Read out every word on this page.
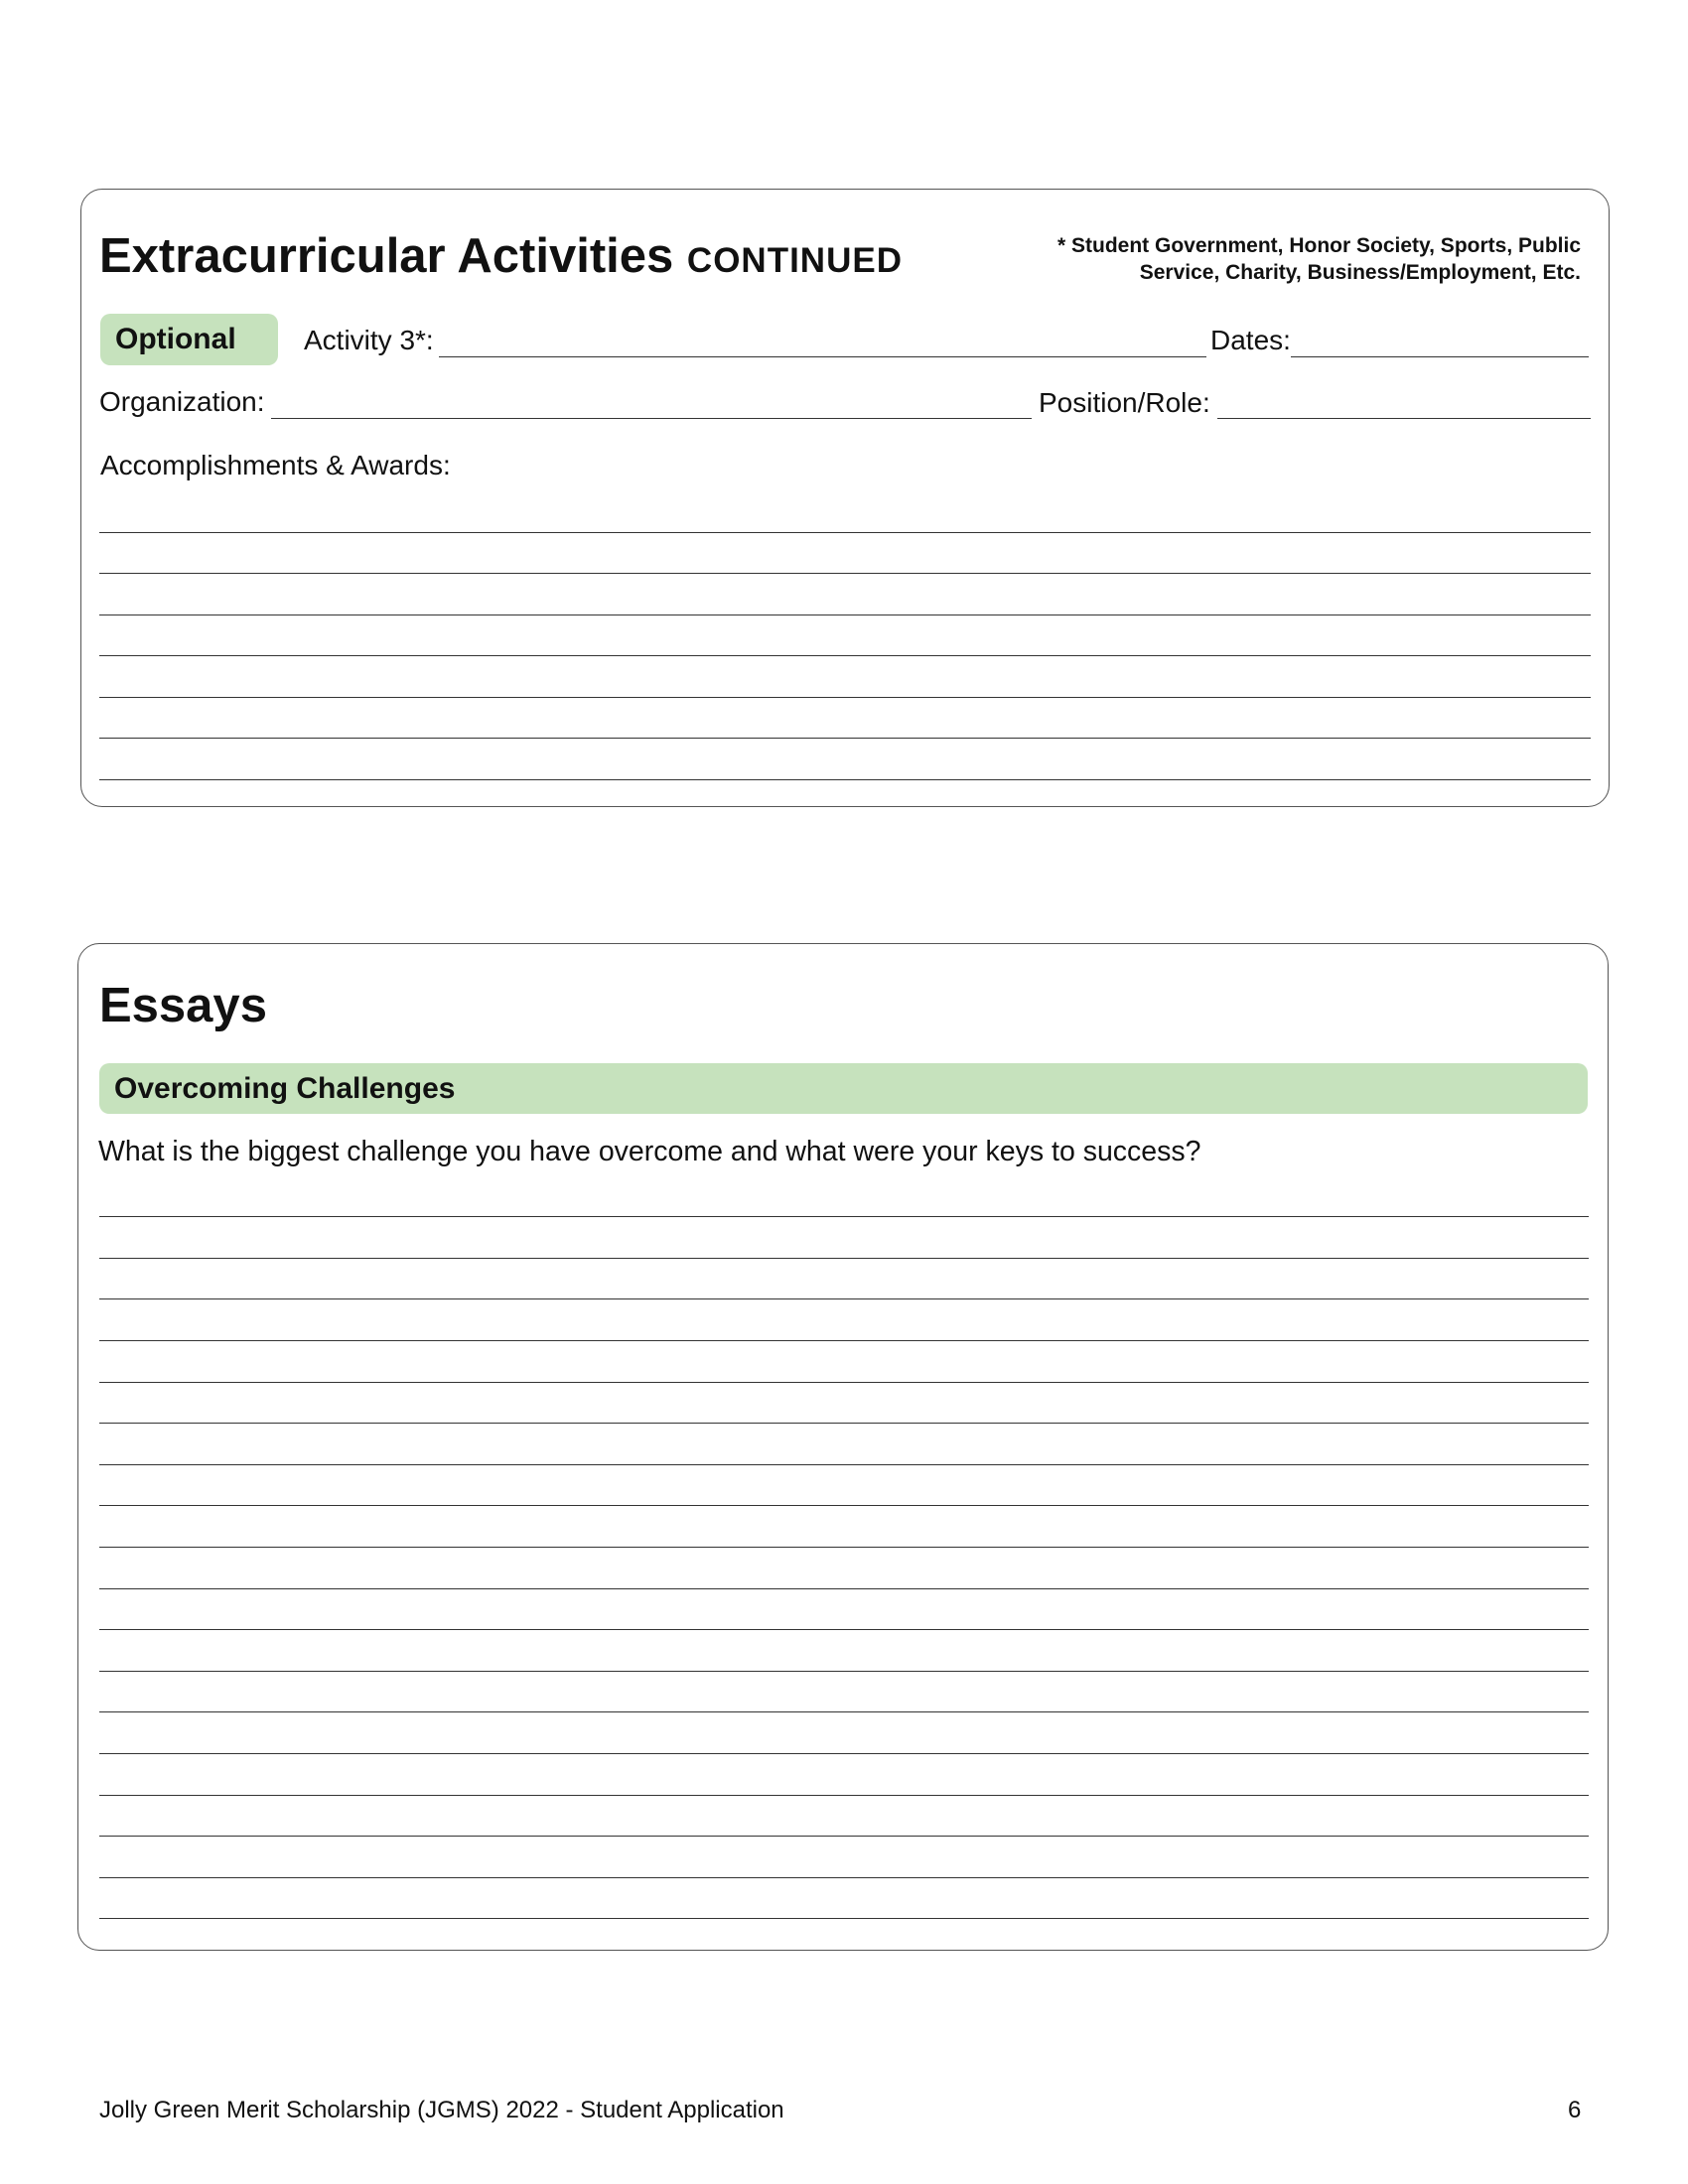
Extracurricular Activities CONTINUED	* Student Government, Honor Society, Sports, Public
Service, Charity, Business/Employment, Etc.
Optional	Activity 3*:	Dates:
Organization:	Position/Role:
Accomplishments & Awards:
Essays
Overcoming Challenges
What is the biggest challenge you have overcome and what were your keys to success?
Jolly Green Merit Scholarship (JGMS) 2022 - Student Application	6
